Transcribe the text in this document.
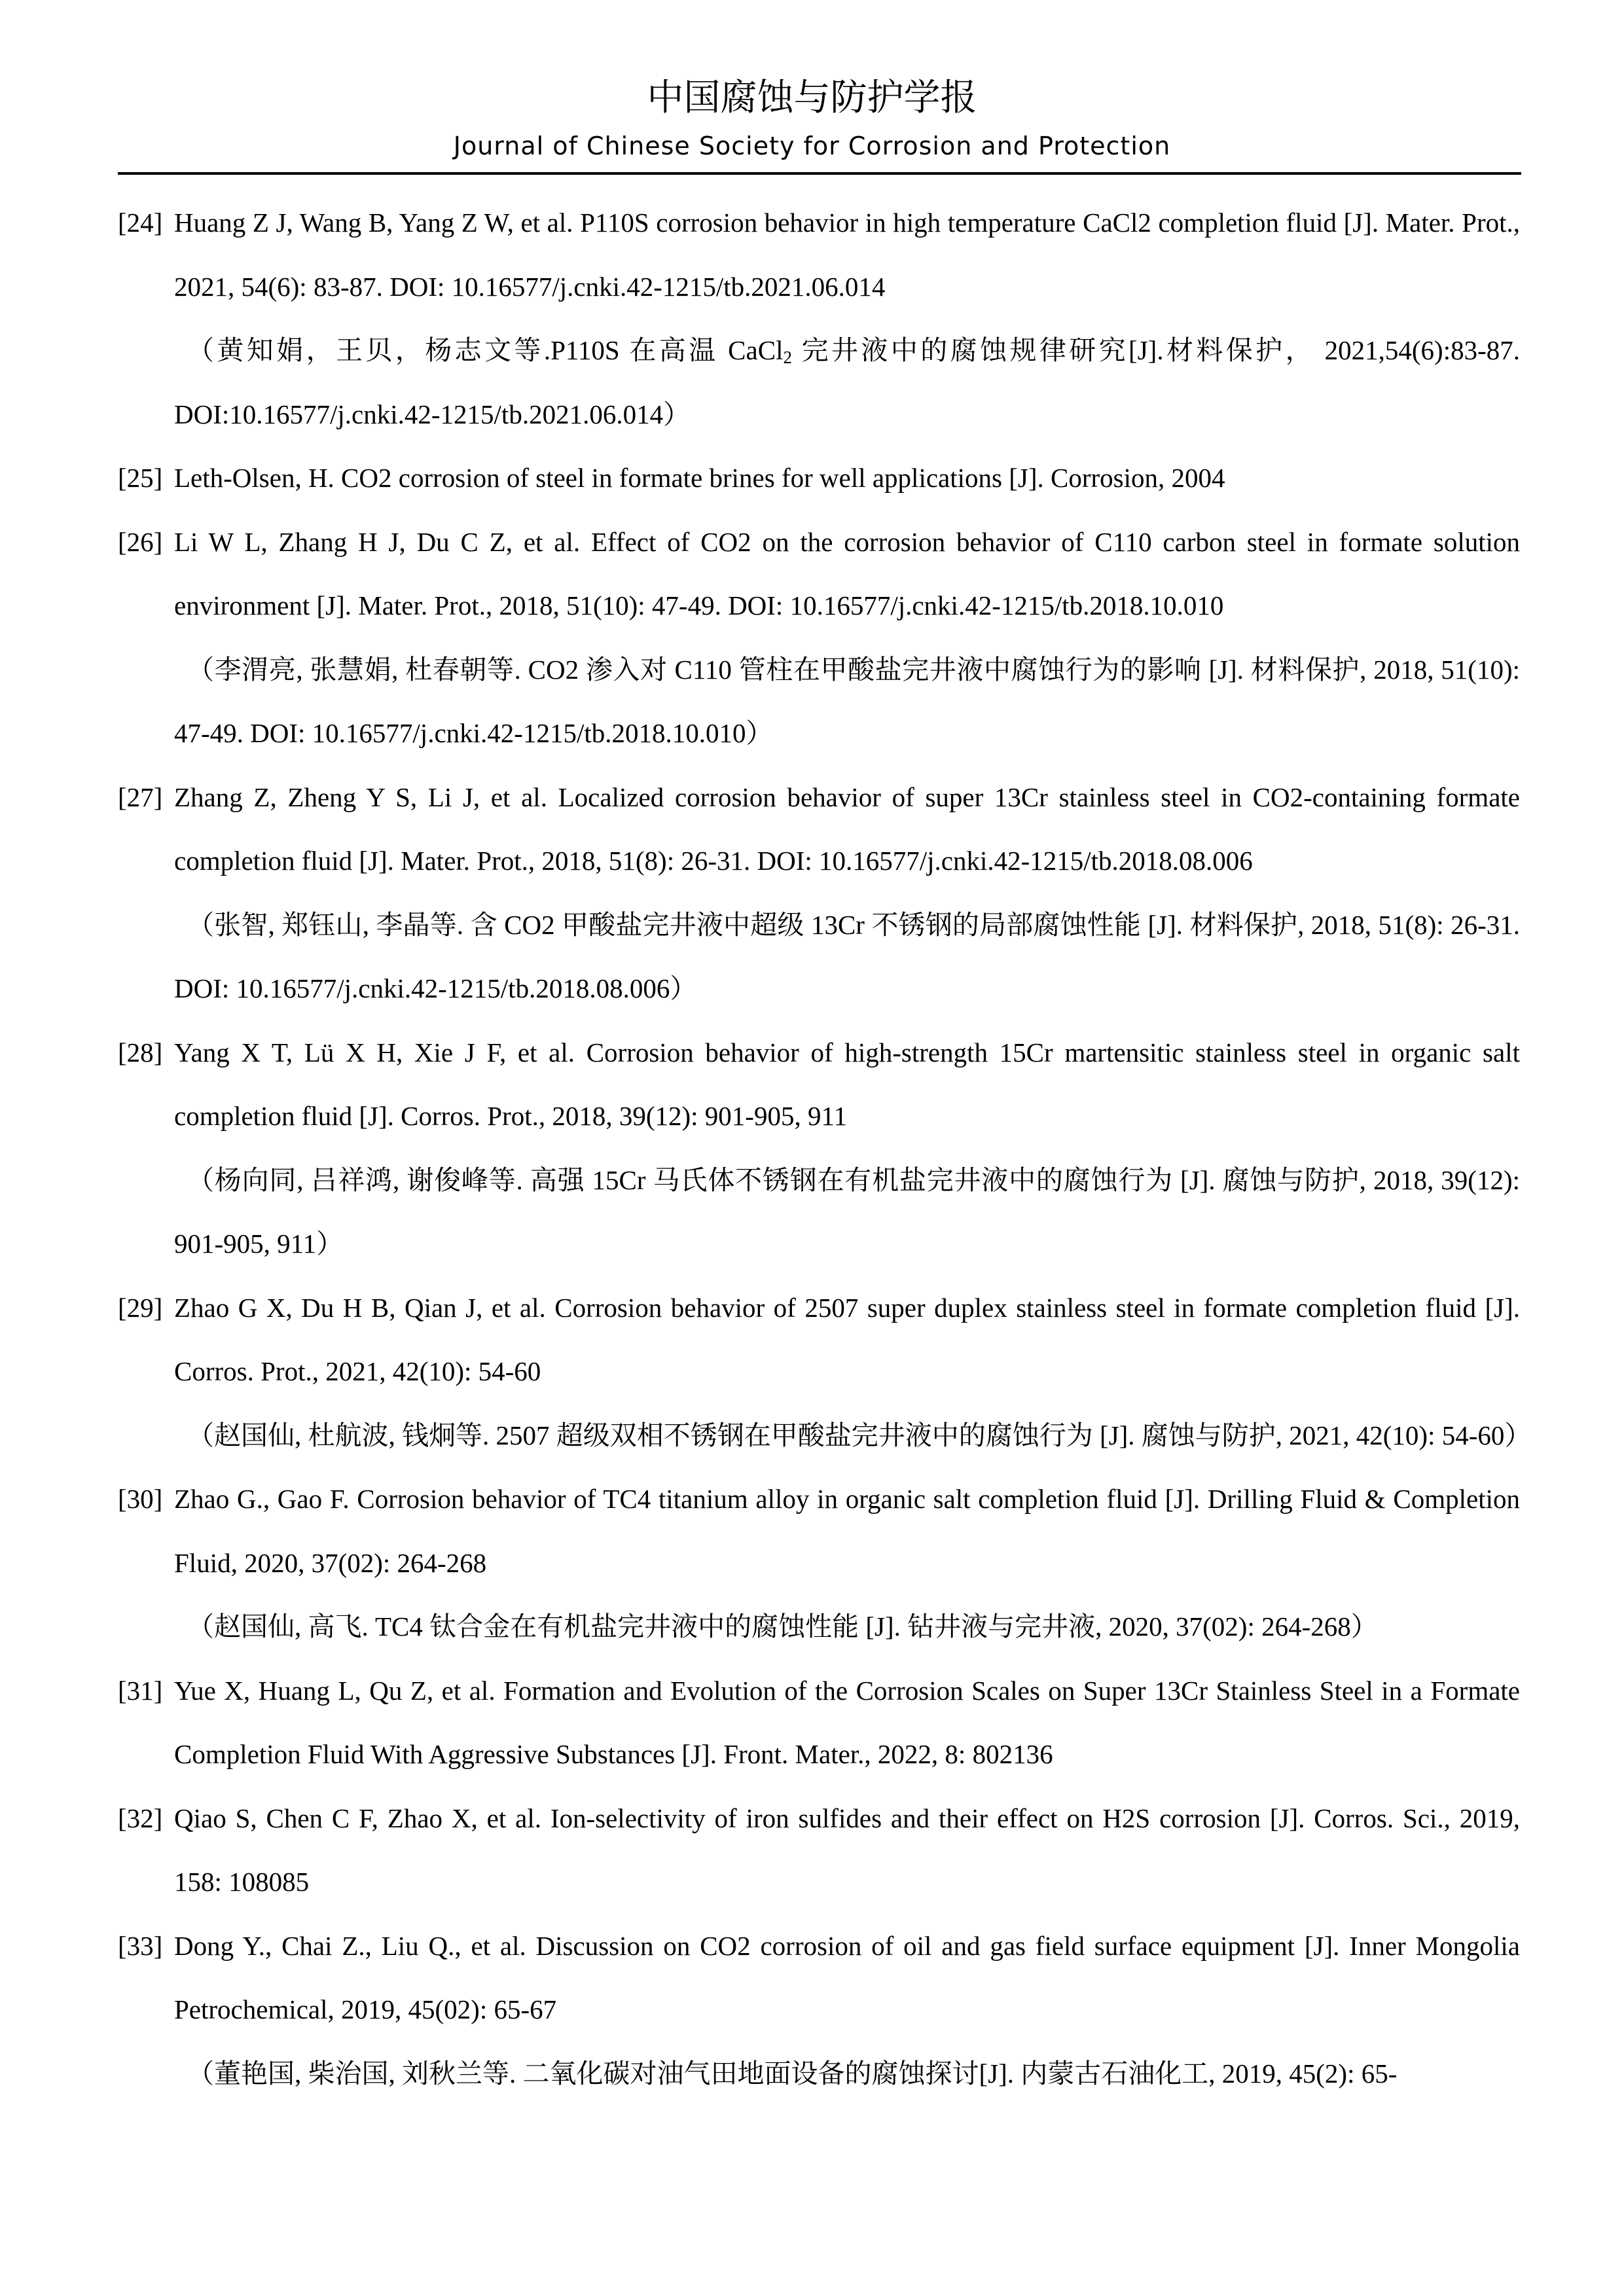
中国腐蚀与防护学报
Journal of Chinese Society for Corrosion and Protection
[24] Huang Z J, Wang B, Yang Z W, et al. P110S corrosion behavior in high temperature CaCl2 completion fluid [J]. Mater. Prot., 2021, 54(6): 83-87. DOI: 10.16577/j.cnki.42-1215/tb.2021.06.014
（黄知娟，王贝，杨志文等.P110S 在高温 CaCl$_2$ 完井液中的腐蚀规律研究[J].材料保护， 2021,54(6):83-87. DOI:10.16577/j.cnki.42-1215/tb.2021.06.014）
[25] Leth-Olsen, H. CO2 corrosion of steel in formate brines for well applications [J]. Corrosion, 2004
[26] Li W L, Zhang H J, Du C Z, et al. Effect of CO2 on the corrosion behavior of C110 carbon steel in formate solution environment [J]. Mater. Prot., 2018, 51(10): 47-49. DOI: 10.16577/j.cnki.42-1215/tb.2018.10.010
（李渭亮, 张慧娟, 杜春朝等. CO2 渗入对 C110 管柱在甲酸盐完井液中腐蚀行为的影响 [J]. 材料保护, 2018, 51(10): 47-49. DOI: 10.16577/j.cnki.42-1215/tb.2018.10.010）
[27] Zhang Z, Zheng Y S, Li J, et al. Localized corrosion behavior of super 13Cr stainless steel in CO2-containing formate completion fluid [J]. Mater. Prot., 2018, 51(8): 26-31. DOI: 10.16577/j.cnki.42-1215/tb.2018.08.006
（张智, 郑钰山, 李晶等. 含 CO2 甲酸盐完井液中超级 13Cr 不锈钢的局部腐蚀性能 [J]. 材料保护, 2018, 51(8): 26-31. DOI: 10.16577/j.cnki.42-1215/tb.2018.08.006）
[28] Yang X T, Lü X H, Xie J F, et al. Corrosion behavior of high-strength 15Cr martensitic stainless steel in organic salt completion fluid [J]. Corros. Prot., 2018, 39(12): 901-905, 911
（杨向同, 吕祥鸿, 谢俊峰等. 高强 15Cr 马氏体不锈钢在有机盐完井液中的腐蚀行为 [J]. 腐蚀与防护, 2018, 39(12): 901-905, 911）
[29] Zhao G X, Du H B, Qian J, et al. Corrosion behavior of 2507 super duplex stainless steel in formate completion fluid [J]. Corros. Prot., 2021, 42(10): 54-60
（赵国仙, 杜航波, 钱炯等. 2507 超级双相不锈钢在甲酸盐完井液中的腐蚀行为 [J]. 腐蚀与防护, 2021, 42(10): 54-60）
[30] Zhao G., Gao F. Corrosion behavior of TC4 titanium alloy in organic salt completion fluid [J]. Drilling Fluid & Completion Fluid, 2020, 37(02): 264-268
（赵国仙, 高飞. TC4 钛合金在有机盐完井液中的腐蚀性能 [J]. 钻井液与完井液, 2020, 37(02): 264-268）
[31] Yue X, Huang L, Qu Z, et al. Formation and Evolution of the Corrosion Scales on Super 13Cr Stainless Steel in a Formate Completion Fluid With Aggressive Substances [J]. Front. Mater., 2022, 8: 802136
[32] Qiao S, Chen C F, Zhao X, et al. Ion-selectivity of iron sulfides and their effect on H2S corrosion [J]. Corros. Sci., 2019, 158: 108085
[33] Dong Y., Chai Z., Liu Q., et al. Discussion on CO2 corrosion of oil and gas field surface equipment [J]. Inner Mongolia Petrochemical, 2019, 45(02): 65-67
（董艳国, 柴治国, 刘秋兰等. 二氧化碳对油气田地面设备的腐蚀探讨[J]. 内蒙古石油化工, 2019, 45(2): 65-
